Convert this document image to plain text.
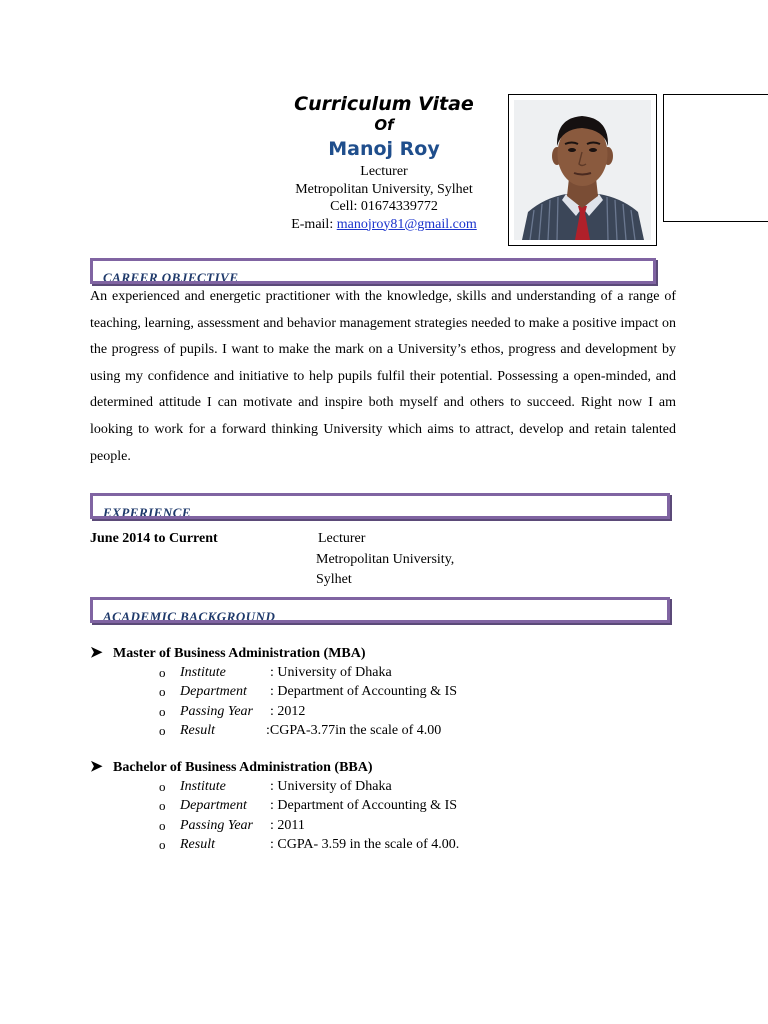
Curriculum Vitae
Of
Manoj Roy
Lecturer
Metropolitan University, Sylhet
Cell: 01674339772
E-mail: manojroy81@gmail.com
CAREER OBJECTIVE

An experienced and energetic practitioner with the knowledge, skills and understanding of a range of teaching, learning, assessment and behavior management strategies needed to make a positive impact on the progress of pupils. I want to make the mark on a University’s ethos, progress and development by using my confidence and initiative to help pupils fulfil their potential. Possessing a open-minded, and determined attitude I can motivate and inspire both myself and others to succeed. Right now I am looking to work for a forward thinking University which aims to attract, develop and retain talented people.

EXPERIENCE
June 2014 to Current	Lecturer
Metropolitan University,
Sylhet
ACADEMIC BACKGROUND
➤ Master of Business Administration (MBA)
o Institute	: University of Dhaka
o Department : Department of Accounting & IS
o Passing Year : 2012
o Result	:CGPA-3.77in the scale of 4.00
➤ Bachelor of Business Administration (BBA)
o Institute	: University of Dhaka
o Department : Department of Accounting & IS
o Passing Year : 2011
o Result	: CGPA- 3.59 in the scale of 4.00.
